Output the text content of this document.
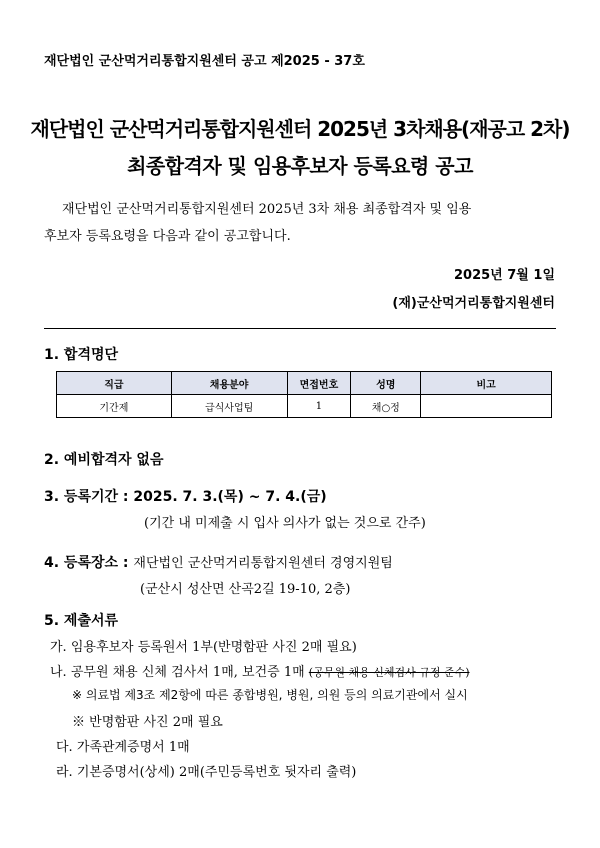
재단법인 군산먹거리통합지원센터 공고 제2025 - 37호
재단법인 군산먹거리통합지원센터 2025년 3차채용(재공고 2차)
최종합격자 및 임용후보자 등록요령 공고
재단법인 군산먹거리통합지원센터 2025년 3차 채용 최종합격자 및 임용
후보자 등록요령을 다음과 같이 공고합니다.
2025년 7월 1일
(재)군산먹거리통합지원센터
1. 합격명단
직급	채용분야	면접번호	성명	비고
기간제	급식사업팀	1	채○정	
2. 예비합격자 없음
3. 등록기간 : 2025. 7. 3.(목) ~ 7. 4.(금)
(기간 내 미제출 시 입사 의사가 없는 것으로 간주)
4. 등록장소 : 재단법인 군산먹거리통합지원센터 경영지원팀
(군산시 성산면 산곡2길 19-10, 2층)
5. 제출서류
가. 임용후보자 등록원서 1부(반명함판 사진 2매 필요)
나. 공무원 채용 신체 검사서 1매, 보건증 1매 (공무원 채용 신체검사 규정 준수)
※ 의료법 제3조 제2항에 따른 종합병원, 병원, 의원 등의 의료기관에서 실시
※ 반명함판 사진 2매 필요
다. 가족관계증명서 1매
라. 기본증명서(상세) 2매(주민등록번호 뒷자리 출력)
